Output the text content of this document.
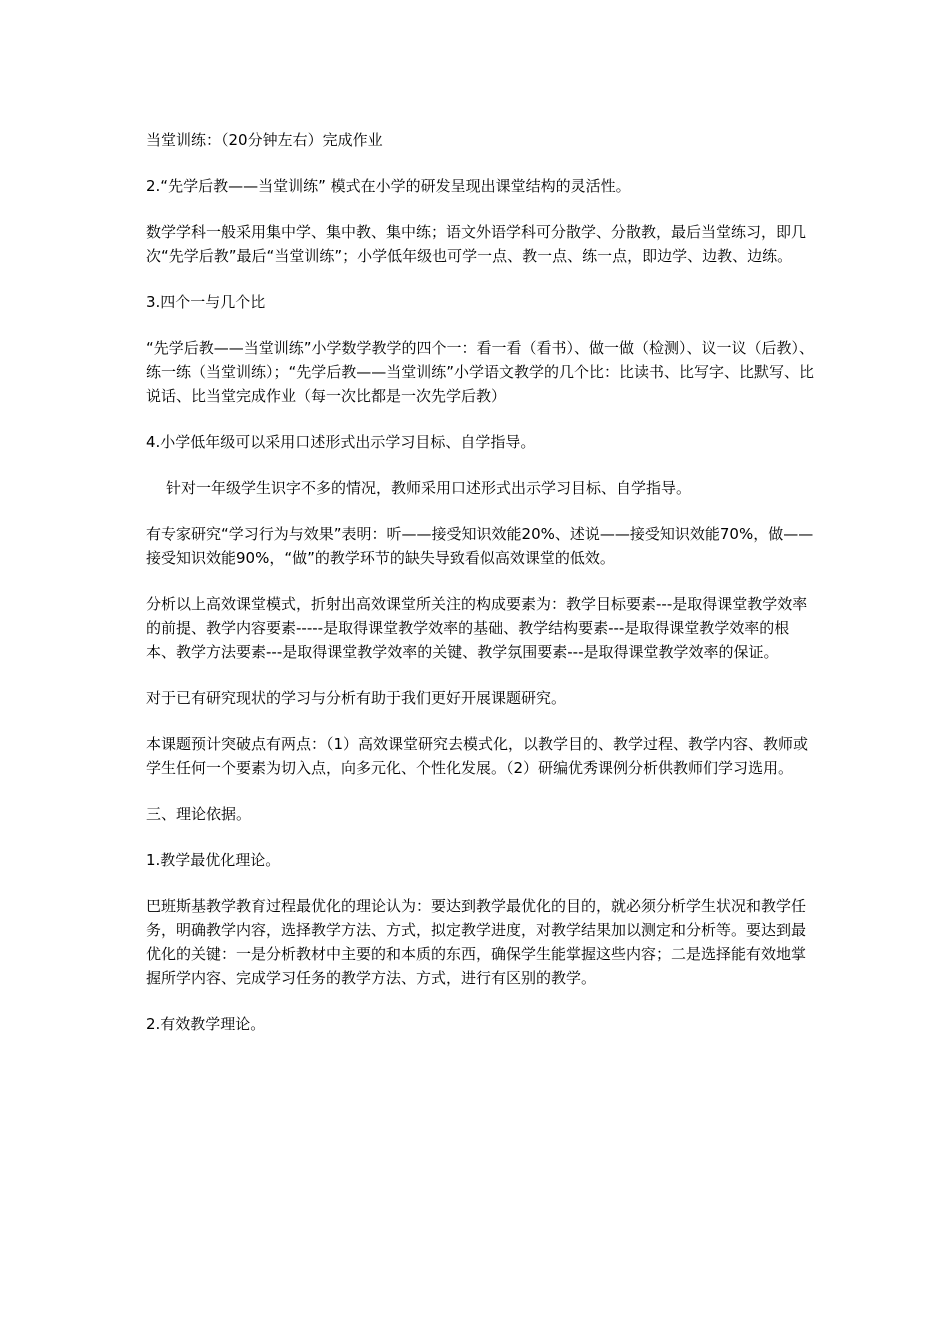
当堂训练：（20分钟左右）完成作业

2.“先学后教——当堂训练” 模式在小学的研发呈现出课堂结构的灵活性。

数学学科一般采用集中学、集中教、集中练；语文外语学科可分散学、分散教，最后当堂练习，即几次“先学后教”最后“当堂训练”；小学低年级也可学一点、教一点、练一点，即边学、边教、边练。

3.四个一与几个比

“先学后教——当堂训练”小学数学教学的四个一：看一看（看书）、做一做（检测）、议一议（后教）、练一练（当堂训练）；“先学后教——当堂训练”小学语文教学的几个比：比读书、比写字、比默写、比说话、比当堂完成作业（每一次比都是一次先学后教）

4.小学低年级可以采用口述形式出示学习目标、自学指导。

针对一年级学生识字不多的情况，教师采用口述形式出示学习目标、自学指导。

有专家研究“学习行为与效果”表明：听——接受知识效能20%、述说——接受知识效能70%，做——接受知识效能90%，“做”的教学环节的缺失导致看似高效课堂的低效。

分析以上高效课堂模式，折射出高效课堂所关注的构成要素为：教学目标要素---是取得课堂教学效率的前提、教学内容要素-----是取得课堂教学效率的基础、教学结构要素---是取得课堂教学效率的根本、教学方法要素---是取得课堂教学效率的关键、教学氛围要素---是取得课堂教学效率的保证。

对于已有研究现状的学习与分析有助于我们更好开展课题研究。

本课题预计突破点有两点：（1）高效课堂研究去模式化，以教学目的、教学过程、教学内容、教师或学生任何一个要素为切入点，向多元化、个性化发展。（2）研编优秀课例分析供教师们学习选用。

三、理论依据。

1.教学最优化理论。

巴班斯基教学教育过程最优化的理论认为：要达到教学最优化的目的，就必须分析学生状况和教学任务，明确教学内容，选择教学方法、方式，拟定教学进度，对教学结果加以测定和分析等。要达到最优化的关键：一是分析教材中主要的和本质的东西，确保学生能掌握这些内容；二是选择能有效地掌握所学内容、完成学习任务的教学方法、方式，进行有区别的教学。

2.有效教学理论。
